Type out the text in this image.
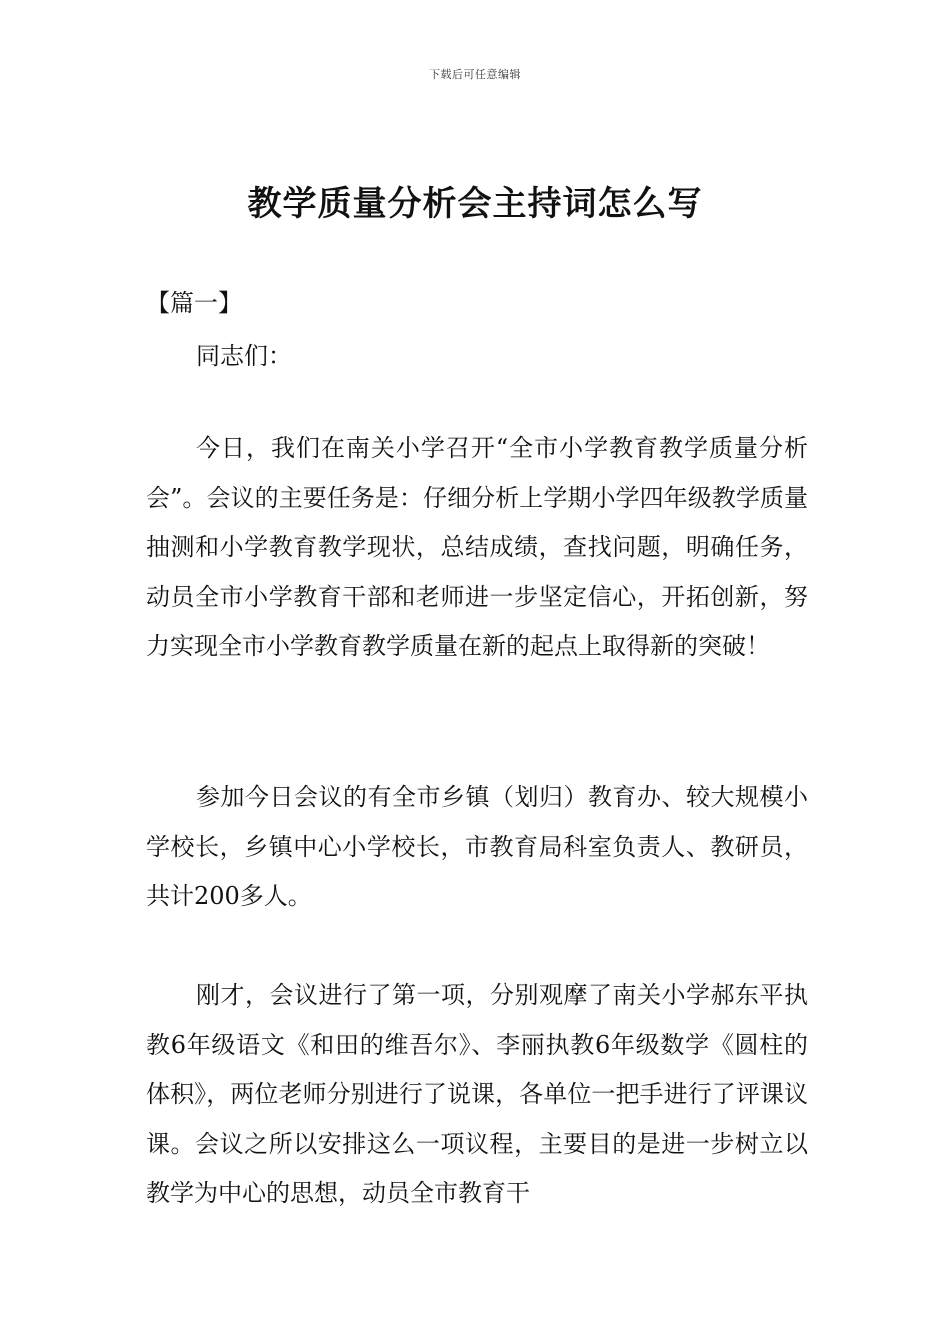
下载后可任意编辑
教学质量分析会主持词怎么写
【篇一】
同志们：

今日，我们在南关小学召开“全市小学教育教学质量分析会”。会议的主要任务是：仔细分析上学期小学四年级教学质量抽测和小学教育教学现状，总结成绩，查找问题，明确任务，动员全市小学教育干部和老师进一步坚定信心，开拓创新，努力实现全市小学教育教学质量在新的起点上取得新的突破！

参加今日会议的有全市乡镇（划归）教育办、较大规模小学校长，乡镇中心小学校长，市教育局科室负责人、教研员，共计200多人。

刚才，会议进行了第一项，分别观摩了南关小学郝东平执教6年级语文《和田的维吾尔》、李丽执教6年级数学《圆柱的体积》，两位老师分别进行了说课，各单位一把手进行了评课议课。会议之所以安排这么一项议程，主要目的是进一步树立以教学为中心的思想，动员全市教育干
